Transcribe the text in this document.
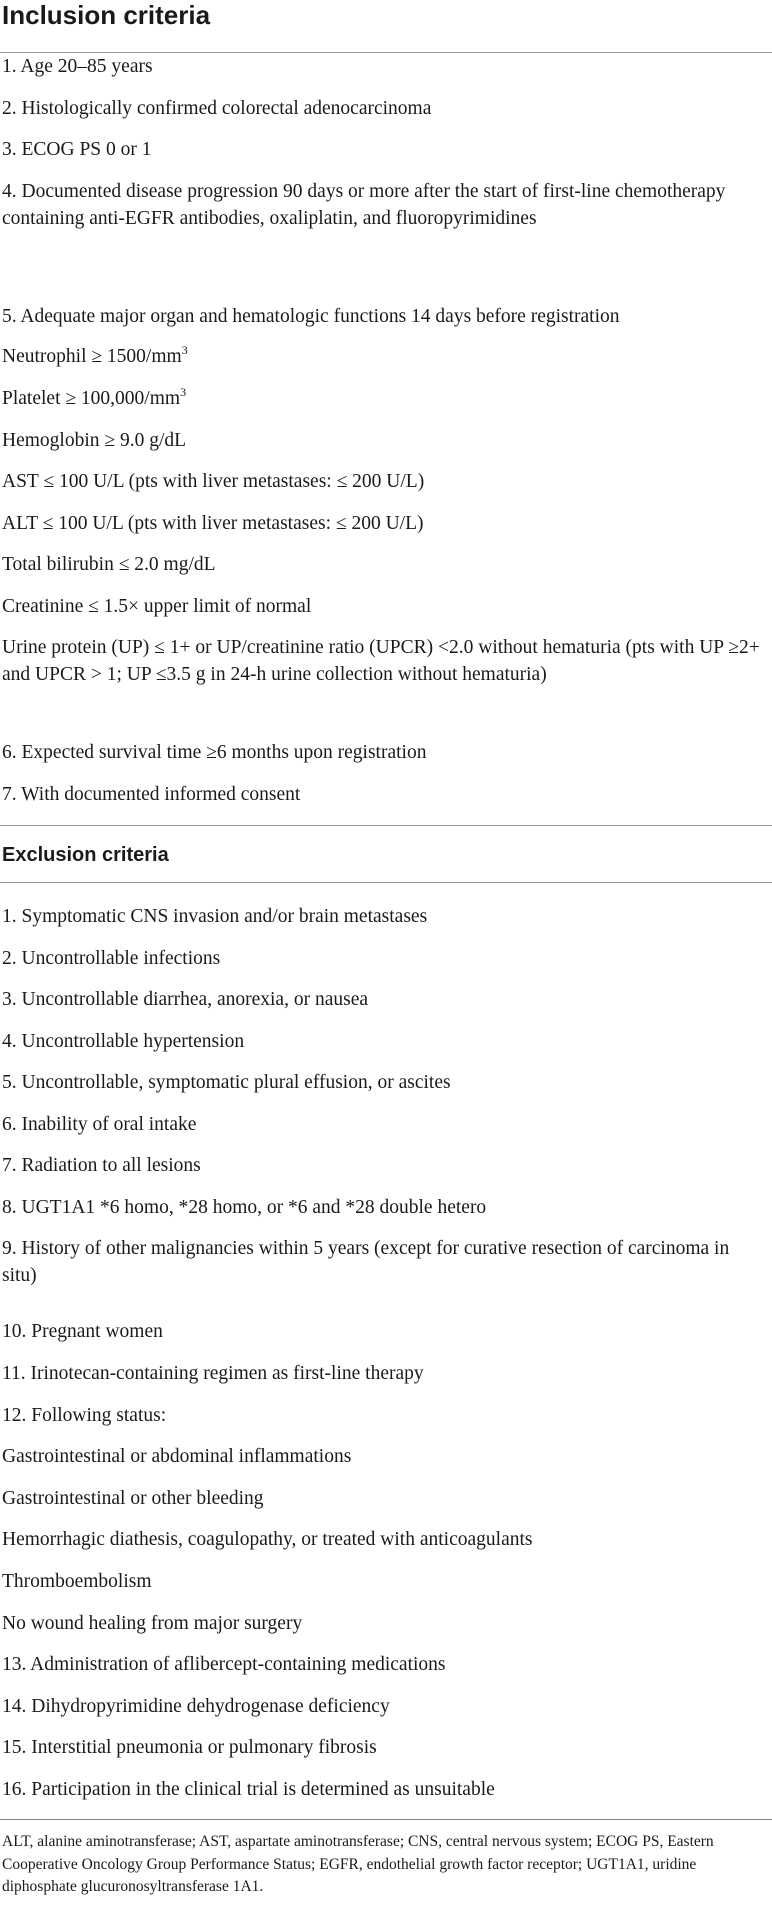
Inclusion criteria
1. Age 20–85 years
2. Histologically confirmed colorectal adenocarcinoma
3. ECOG PS 0 or 1
4. Documented disease progression 90 days or more after the start of first-line chemotherapy containing anti-EGFR antibodies, oxaliplatin, and fluoropyrimidines
5. Adequate major organ and hematologic functions 14 days before registration
Neutrophil ≥ $1500/mm^3$
Platelet ≥ $100,000/mm^3$
Hemoglobin ≥ 9.0 g/dL
AST ≤ 100 U/L (pts with liver metastases: ≤ 200 U/L)
ALT ≤ 100 U/L (pts with liver metastases: ≤ 200 U/L)
Total bilirubin ≤ 2.0 mg/dL
Creatinine ≤ 1.5× upper limit of normal
Urine protein (UP) ≤ 1+ or UP/creatinine ratio (UPCR) <2.0 without hematuria (pts with UP ≥2+ and UPCR > 1; UP ≤3.5 g in 24-h urine collection without hematuria)
6. Expected survival time ≥6 months upon registration
7. With documented informed consent
Exclusion criteria
1. Symptomatic CNS invasion and/or brain metastases
2. Uncontrollable infections
3. Uncontrollable diarrhea, anorexia, or nausea
4. Uncontrollable hypertension
5. Uncontrollable, symptomatic plural effusion, or ascites
6. Inability of oral intake
7. Radiation to all lesions
8. UGT1A1 *6 homo, *28 homo, or *6 and *28 double hetero
9. History of other malignancies within 5 years (except for curative resection of carcinoma in situ)
10. Pregnant women
11. Irinotecan-containing regimen as first-line therapy
12. Following status:
Gastrointestinal or abdominal inflammations
Gastrointestinal or other bleeding
Hemorrhagic diathesis, coagulopathy, or treated with anticoagulants
Thromboembolism
No wound healing from major surgery
13. Administration of aflibercept-containing medications
14. Dihydropyrimidine dehydrogenase deficiency
15. Interstitial pneumonia or pulmonary fibrosis
16. Participation in the clinical trial is determined as unsuitable
ALT, alanine aminotransferase; AST, aspartate aminotransferase; CNS, central nervous system; ECOG PS, Eastern Cooperative Oncology Group Performance Status; EGFR, endothelial growth factor receptor; UGT1A1, uridine diphosphate glucuronosyltransferase 1A1.
